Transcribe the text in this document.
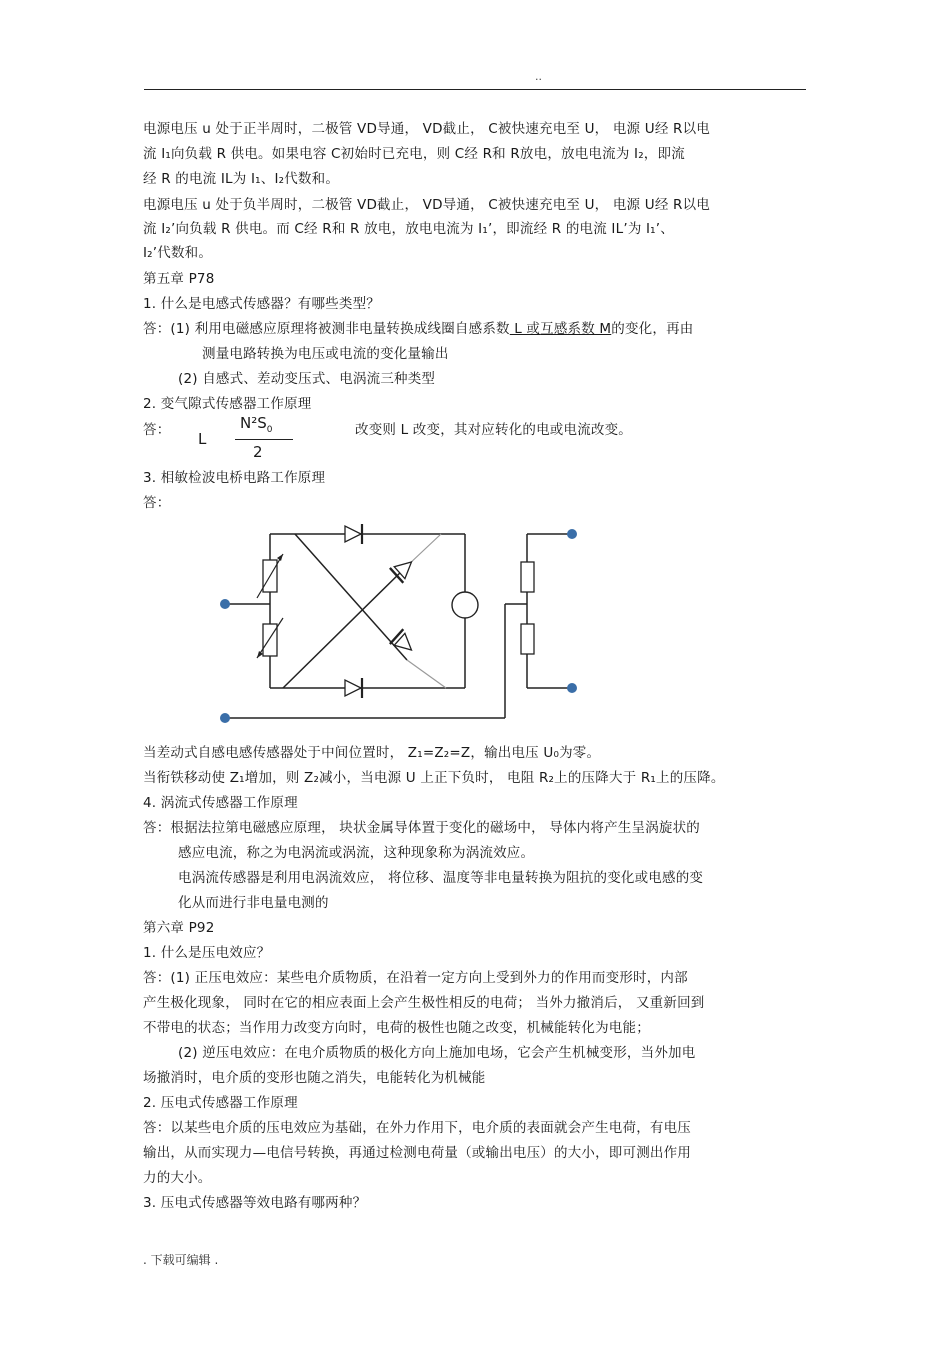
..
电源电压 u 处于正半周时，二极管 VD导通， VD截止， C被快速充电至 U， 电源 U经 R以电
流 I₁向负载 R 供电。如果电容 C初始时已充电，则 C经 R和 R放电，放电电流为 I₂，即流
经 R 的电流 IL为 I₁、I₂代数和。
电源电压 u 处于负半周时，二极管 VD截止， VD导通， C被快速充电至 U， 电源 U经 R以电
流 I₂’向负载 R 供电。而 C经 R和 R 放电，放电电流为 I₁’，即流经 R 的电流 IL’为 I₁’、
I₂’代数和。
第五章 P78
1. 什么是电感式传感器？有哪些类型？
答：(1) 利用电磁感应原理将被测非电量转换成线圈自感系数 L 或互感系数 M的变化，再由
测量电路转换为电压或电流的变化量输出
(2) 自感式、差动变压式、电涡流三种类型
2. 变气隙式传感器工作原理
答： L
$N^2S_0$
2
改变则 L 改变，其对应转化的电或电流改变。
3. 相敏检波电桥电路工作原理
答：
当差动式自感电感传感器处于中间位置时， Z₁=Z₂=Z，输出电压 U₀为零。
当衔铁移动使 Z₁增加，则 Z₂减小，当电源 U 上正下负时， 电阻 R₂上的压降大于 R₁上的压降。
4. 涡流式传感器工作原理
答：根据法拉第电磁感应原理， 块状金属导体置于变化的磁场中， 导体内将产生呈涡旋状的
感应电流，称之为电涡流或涡流，这种现象称为涡流效应。
电涡流传感器是利用电涡流效应， 将位移、温度等非电量转换为阻抗的变化或电感的变
化从而进行非电量电测的
第六章 P92
1. 什么是压电效应？
答：(1) 正压电效应：某些电介质物质，在沿着一定方向上受到外力的作用而变形时，内部
产生极化现象， 同时在它的相应表面上会产生极性相反的电荷； 当外力撤消后， 又重新回到
不带电的状态；当作用力改变方向时，电荷的极性也随之改变，机械能转化为电能；
(2) 逆压电效应：在电介质物质的极化方向上施加电场，它会产生机械变形，当外加电
场撤消时，电介质的变形也随之消失，电能转化为机械能
2. 压电式传感器工作原理
答：以某些电介质的压电效应为基础，在外力作用下，电介质的表面就会产生电荷，有电压
输出，从而实现力—电信号转换，再通过检测电荷量（或输出电压）的大小，即可测出作用
力的大小。
3. 压电式传感器等效电路有哪两种？
. 下载可编辑 .
